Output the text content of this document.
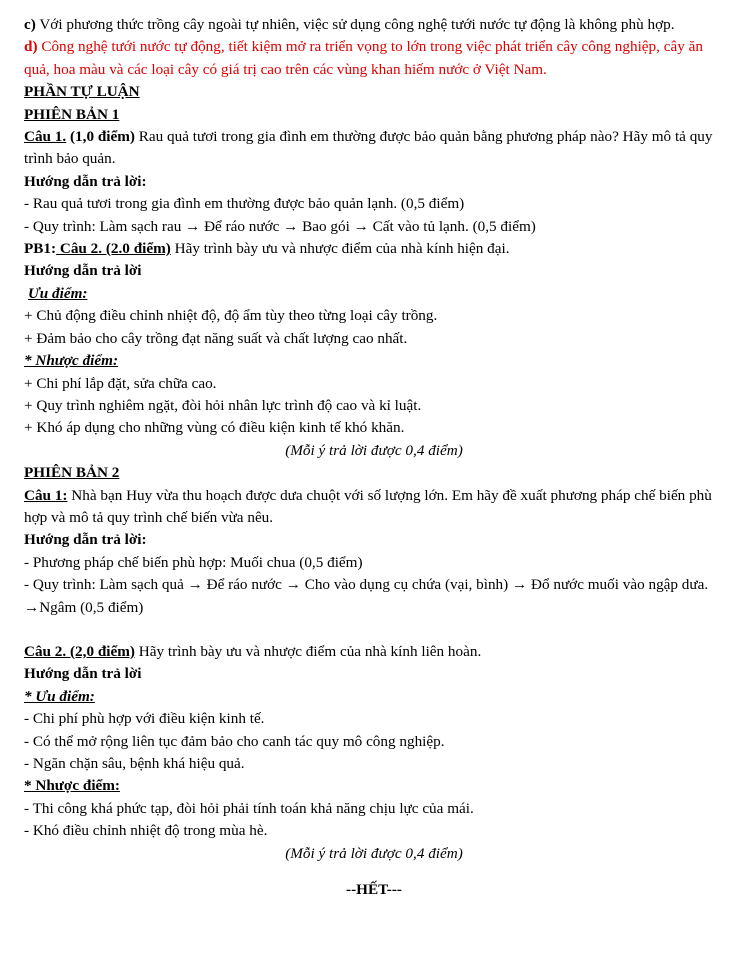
c) Với phương thức trồng cây ngoài tự nhiên, việc sử dụng công nghệ tưới nước tự động là không phù hợp.
d) Công nghệ tưới nước tự động, tiết kiệm mở ra triển vọng to lớn trong việc phát triển cây công nghiệp, cây ăn quả, hoa màu và các loại cây có giá trị cao trên các vùng khan hiếm nước ở Việt Nam.
PHẦN TỰ LUẬN
PHIÊN BẢN 1
Câu 1. (1,0 điểm) Rau quả tươi trong gia đình em thường được bảo quản bằng phương pháp nào? Hãy mô tả quy trình bảo quản.
Hướng dẫn trả lời:
- Rau quả tươi trong gia đình em thường được bảo quản lạnh. (0,5 điểm)
- Quy trình: Làm sạch rau → Để ráo nước → Bao gói → Cất vào tủ lạnh. (0,5 điểm)
PB1: Câu 2. (2.0 điểm) Hãy trình bày ưu và nhược điểm của nhà kính hiện đại.
Hướng dẫn trả lời
Ưu điểm:
+ Chủ động điều chỉnh nhiệt độ, độ ẩm tùy theo từng loại cây trồng.
+ Đảm bảo cho cây trồng đạt năng suất và chất lượng cao nhất.
* Nhược điểm:
+ Chi phí lắp đặt, sửa chữa cao.
+ Quy trình nghiêm ngặt, đòi hỏi nhân lực trình độ cao và kỉ luật.
+ Khó áp dụng cho những vùng có điều kiện kinh tế khó khăn.
(Mỗi ý trả lời được 0,4 điểm)
PHIÊN BẢN 2
Câu 1: Nhà bạn Huy vừa thu hoạch được dưa chuột với số lượng lớn. Em hãy đề xuất phương pháp chế biến phù hợp và mô tả quy trình chế biến vừa nêu.
Hướng dẫn trả lời:
- Phương pháp chế biến phù hợp: Muối chua (0,5 điểm)
- Quy trình: Làm sạch quả → Để ráo nước → Cho vào dụng cụ chứa (vại, bình) → Đổ nước muối vào ngập dưa. →Ngâm (0,5 điểm)
Câu 2. (2,0 điểm) Hãy trình bày ưu và nhược điểm của nhà kính liên hoàn.
Hướng dẫn trả lời
* Ưu điểm:
- Chi phí phù hợp với điều kiện kinh tế.
- Có thể mở rộng liên tục đảm bảo cho canh tác quy mô công nghiệp.
- Ngăn chặn sâu, bệnh khá hiệu quả.
* Nhược điểm:
- Thi công khá phức tạp, đòi hỏi phải tính toán khả năng chịu lực của mái.
- Khó điều chỉnh nhiệt độ trong mùa hè.
(Mỗi ý trả lời được 0,4 điểm)
--HẾT---
